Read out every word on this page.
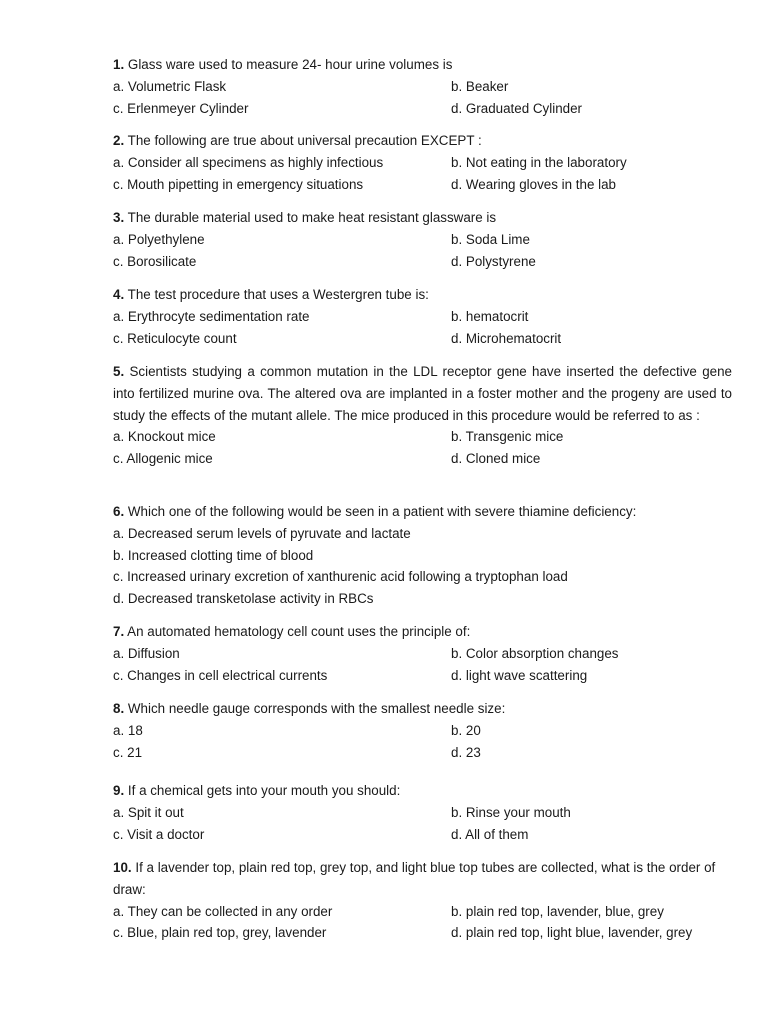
1. Glass ware used to measure 24- hour urine volumes is

a. Volumetric Flask	b. Beaker
c. Erlenmeyer Cylinder	d. Graduated Cylinder

2. The following are true about universal precaution EXCEPT :

a. Consider all specimens as highly infectious	b. Not eating in the laboratory
c. Mouth pipetting in emergency situations	d. Wearing gloves in the lab

3. The durable material used to make heat resistant glassware is

a. Polyethylene	b. Soda Lime
c. Borosilicate	d. Polystyrene

4. The test procedure that uses a Westergren tube is:

a. Erythrocyte sedimentation rate	b. hematocrit
c. Reticulocyte count	d. Microhematocrit

5. Scientists studying a common mutation in the LDL receptor gene have inserted the defective gene into fertilized murine ova. The altered ova are implanted in a foster mother and the progeny are used to study the effects of the mutant allele. The mice produced in this procedure would be referred to as :

a. Knockout mice	b. Transgenic mice
c. Allogenic mice	d. Cloned mice

6. Which one of the following would be seen in a patient with severe thiamine deficiency:

a. Decreased serum levels of pyruvate and lactate
b. Increased clotting time of blood
c. Increased urinary excretion of xanthurenic acid following a tryptophan load
d. Decreased transketolase activity in RBCs

7. An automated hematology cell count uses the principle of:

a. Diffusion	b. Color absorption changes
c. Changes in cell electrical currents	d. light wave scattering

8. Which needle gauge corresponds with the smallest needle size:

a. 18	b. 20
c. 21	d. 23

9. If a chemical gets into your mouth you should:

a. Spit it out	b. Rinse your mouth
c. Visit a doctor	d. All of them

10. If a lavender top, plain red top, grey top, and light blue top tubes are collected, what is the order of draw:

a. They can be collected in any order	b. plain red top, lavender, blue, grey
c. Blue, plain red top, grey, lavender	d. plain red top, light blue, lavender, grey
